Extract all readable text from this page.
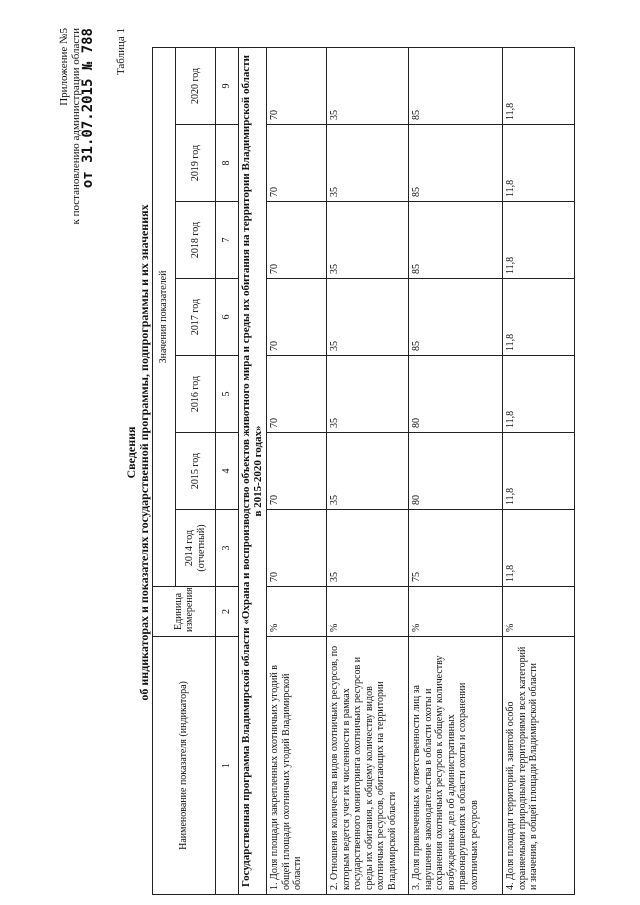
Приложение №5 к постановлению администрации области
от 31.07.2015 № 788 Таблица 1
Сведения об индикаторах и показателях государственной программы, подпрограммы и их значениях
Наименование показателя (индикатора)	Единица измерения	Значения показателей						
		2014 год (отчетный)	2015 год	2016 год	2017 год	2018 год	2019 год	2020 год
1	2	3	4	5	6	7	8	9
Государственная программа Владимирской области «Охрана и воспроизводство объектов животного мира и среды их обитания на территории Владимирской области в 2015-2020 годах»								
1. Доля площади закрепленных охотничьих угодий в общей площади охотничьих угодий Владимирской области	%	70	70	70	70	70	70	70
2. Отношения количества видов охотничьих ресурсов, по которым ведется учет их численности в рамках государственного мониторинга охотничьих ресурсов и среды их обитания, к общему количеству видов охотничьих ресурсов, обитающих на территории Владимирской области	%	35	35	35	35	35	35	35
3. Доля привлеченных к ответственности лиц за нарушение законодательства в области охоты и сохранения охотничьих ресурсов к общему количеству возбужденных дел об административных правонарушениях в области охоты и сохранении охотничьих ресурсов	%	75	80	80	85	85	85	85
4. Доля площади территорий, занятой особо охраняемыми природными территориями всех категорий и значения, в общей площади Владимирской области	%	11,8	11,8	11,8	11,8	11,8	11,8	11,8
